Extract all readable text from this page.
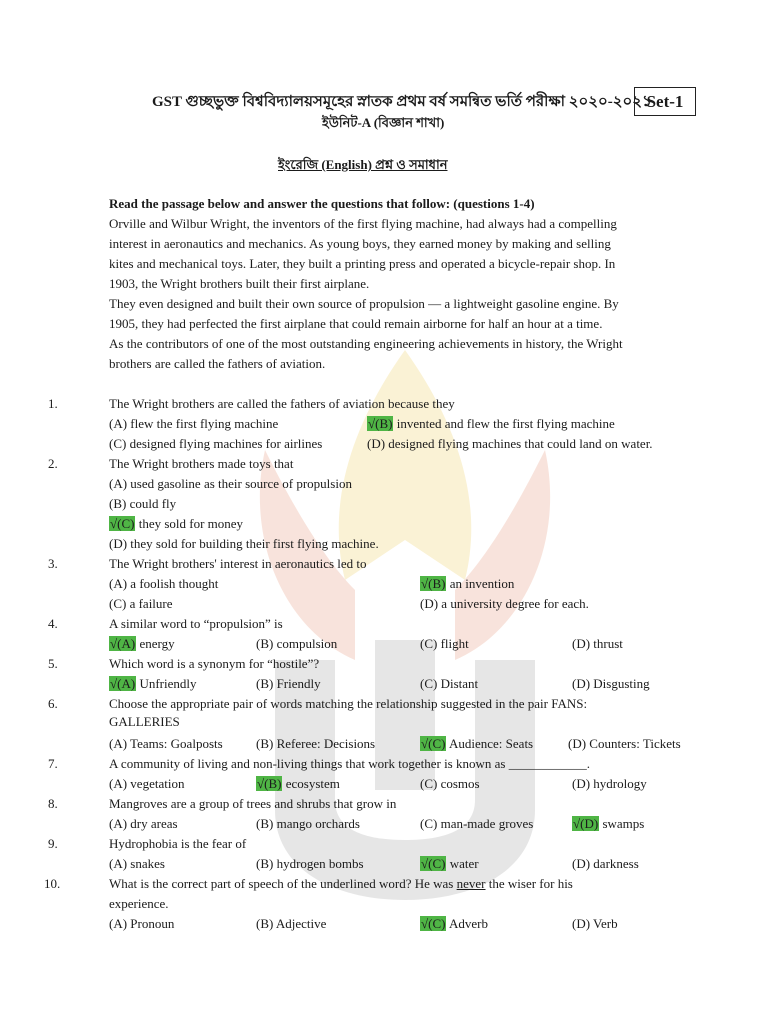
GST গুচ্ছভুক্ত বিশ্ববিদ্যালয়সমূহের স্নাতক প্রথম বর্ষ সমন্বিত ভর্তি পরীক্ষা ২০২০-২০২১
Set-1
ইউনিট-A (বিজ্ঞান শাখা)
ইংরেজি (English) প্রশ্ন ও সমাধান
Read the passage below and answer the questions that follow: (questions 1-4)
Orville and Wilbur Wright, the inventors of the first flying machine, had always had a compelling
interest in aeronautics and mechanics. As young boys, they earned money by making and selling
kites and mechanical toys. Later, they built a printing press and operated a bicycle-repair shop. In
1903, the Wright brothers built their first airplane.
They even designed and built their own source of propulsion — a lightweight gasoline engine. By
1905, they had perfected the first airplane that could remain airborne for half an hour at a time.
As the contributors of one of the most outstanding engineering achievements in history, the Wright
brothers are called the fathers of aviation.
1.	The Wright brothers are called the fathers of aviation because they
(A) flew the first flying machine	√(B) invented and flew the first flying machine
(C) designed flying machines for airlines	(D) designed flying machines that could land on water.
2.	The Wright brothers made toys that
(A) used gasoline as their source of propulsion
(B) could fly
√(C) they sold for money
(D) they sold for building their first flying machine.
3.	The Wright brothers' interest in aeronautics led to
(A) a foolish thought	√(B) an invention
(C) a failure	(D) a university degree for each.
4.	A similar word to “propulsion” is
√(A) energy	(B) compulsion	(C) flight	(D) thrust
5.	Which word is a synonym for “hostile”?
√(A) Unfriendly	(B) Friendly	(C) Distant	(D) Disgusting
6.	Choose the appropriate pair of words matching the relationship suggested in the pair FANS:
GALLERIES
(A) Teams: Goalposts	(B) Referee: Decisions	√(C) Audience: Seats	(D) Counters: Tickets
7.	A community of living and non-living things that work together is known as ____________.
(A) vegetation	√(B) ecosystem	(C) cosmos	(D) hydrology
8.	Mangroves are a group of trees and shrubs that grow in
(A) dry areas	(B) mango orchards	(C) man-made groves	√(D) swamps
9.	Hydrophobia is the fear of
(A) snakes	(B) hydrogen bombs	√(C) water	(D) darkness
10.	What is the correct part of speech of the underlined word? He was never the wiser for his
experience.
(A) Pronoun	(B) Adjective	√(C) Adverb	(D) Verb
